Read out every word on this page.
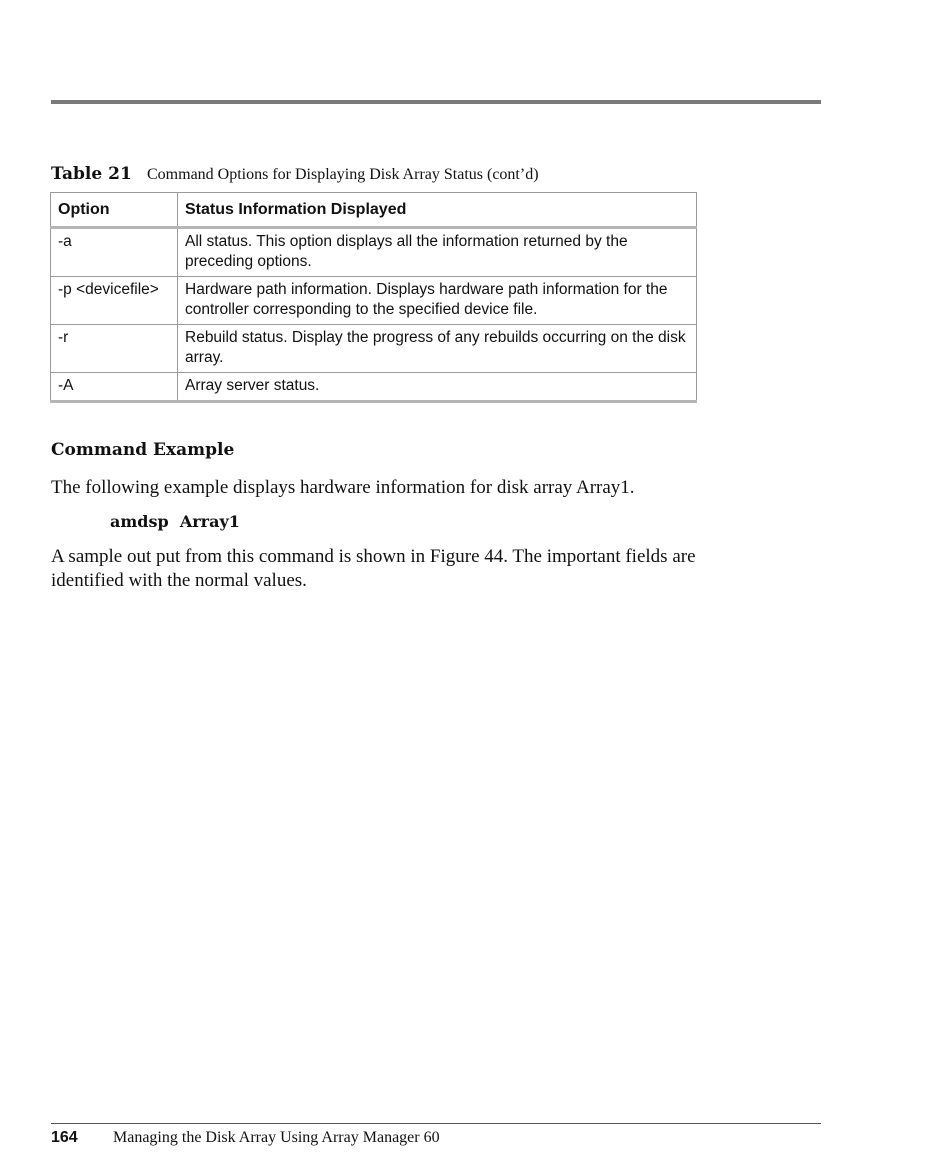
Table 21 Command Options for Displaying Disk Array Status (cont’d)
Option	Status Information Displayed
-a	All status. This option displays all the information returned by the preceding options.
-p <devicefile>	Hardware path information. Displays hardware path information for the controller corresponding to the specified device file.
-r	Rebuild status. Display the progress of any rebuilds occurring on the disk array.
-A	Array server status.
Command Example

The following example displays hardware information for disk array Array1.

amdsp  Array1

A sample out put from this command is shown in Figure 44. The important fields are identified with the normal values.

164 Managing the Disk Array Using Array Manager 60
